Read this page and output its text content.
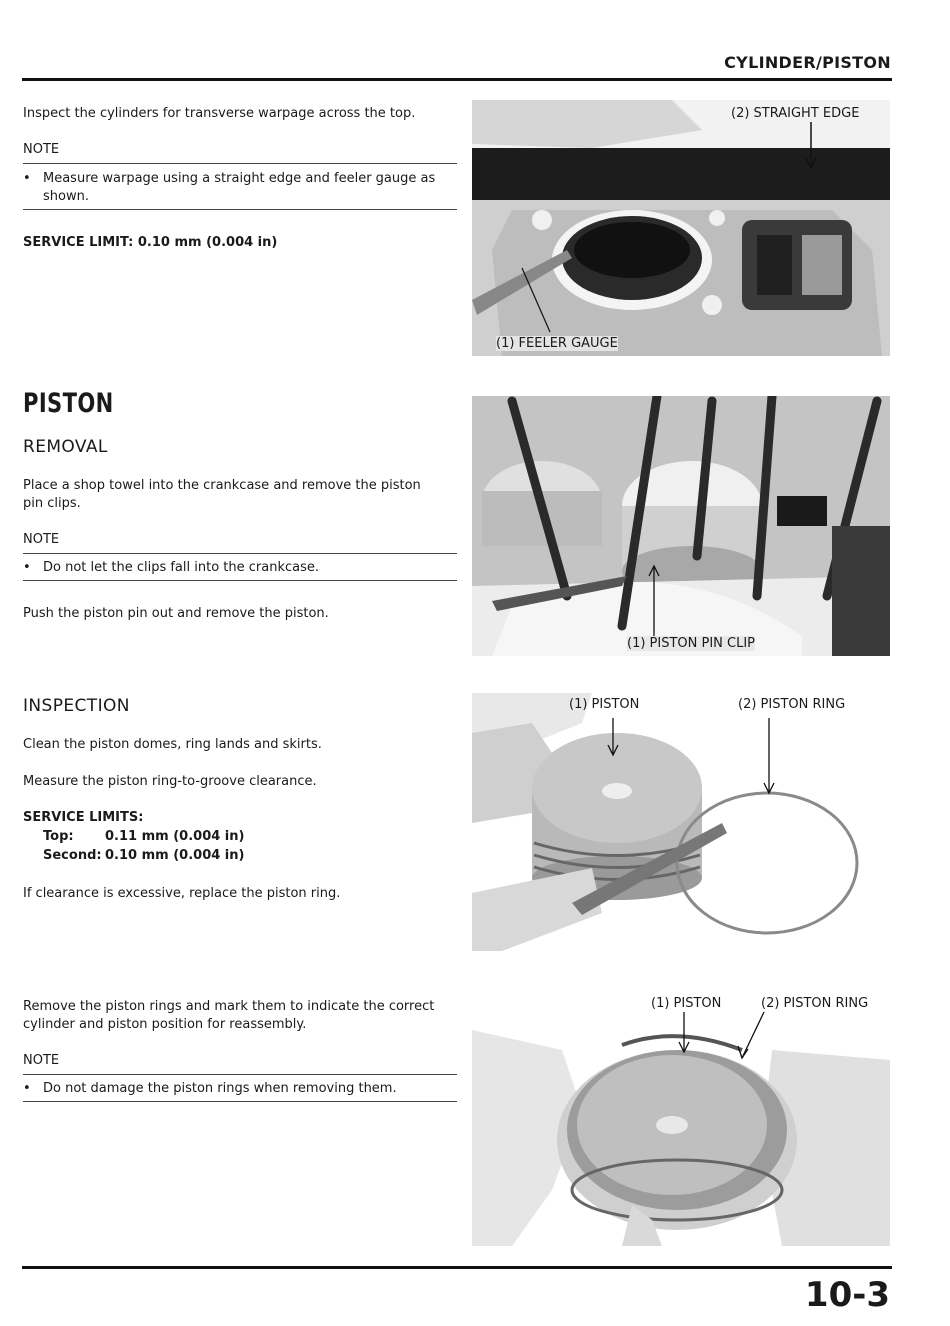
CYLINDER/PISTON
Inspect the cylinders for transverse warpage across the top.
NOTE
• Measure warpage using a straight edge and feeler gauge as
shown.
SERVICE LIMIT: 0.10 mm (0.004 in)
(2) STRAIGHT EDGE
(1) FEELER GAUGE
PISTON
REMOVAL
Place a shop towel into the crankcase and remove the piston
pin clips.
NOTE
• Do not let the clips fall into the crankcase.
Push the piston pin out and remove the piston.
(1) PISTON PIN CLIP
INSPECTION
Clean the piston domes, ring lands and skirts.
Measure the piston ring-to-groove clearance.
SERVICE LIMITS:
Top: 0.11 mm (0.004 in)
Second: 0.10 mm (0.004 in)
If clearance is excessive, replace the piston ring.
(1) PISTON	(2) PISTON RING
Remove the piston rings and mark them to indicate the correct
cylinder and piston position for reassembly.
NOTE
• Do not damage the piston rings when removing them.
(1) PISTON	(2) PISTON RING
10-3
